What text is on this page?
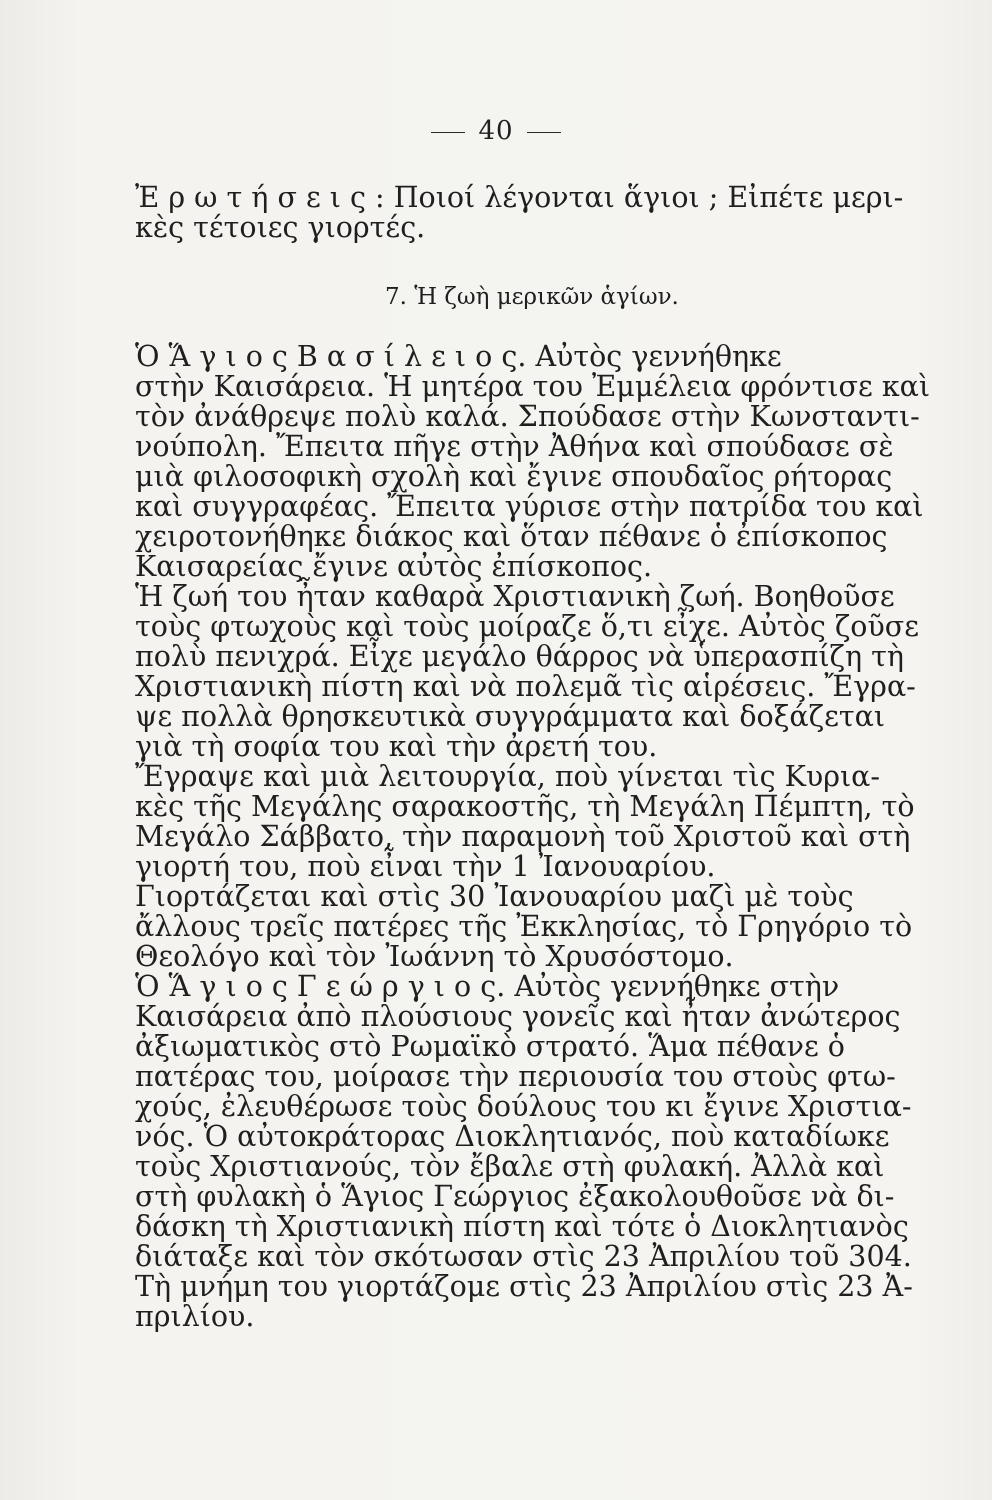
40
Ἐ ρ ω τ ή σ ε ι ς : Ποιοί λέγονται ἅγιοι ; Εἰπέτε μερι-
κὲς τέτοιες γιορτές.
7. Ἡ ζωὴ μερικῶν ἁγίων.
Ὁ Ἅ γ ι ο ς Β α σ ί λ ε ι ο ς. Αὐτὸς γεννήθηκε
στὴν Καισάρεια. Ἡ μητέρα του Ἐμμέλεια φρόντισε καὶ
τὸν ἀνάθρεψε πολὺ καλά. Σπούδασε στὴν Κωνσταντι-
νούπολη. Ἔπειτα πῆγε στὴν Ἀθήνα καὶ σπούδασε σὲ
μιὰ φιλοσοφικὴ σχολὴ καὶ ἔγινε σπουδαῖος ρήτορας
καὶ συγγραφέας. Ἔπειτα γύρισε στὴν πατρίδα του καὶ
χειροτονήθηκε διάκος καὶ ὅταν πέθανε ὁ ἐπίσκοπος
Καισαρείας ἔγινε αὐτὸς ἐπίσκοπος.
Ἡ ζωή του ἦταν καθαρὰ Χριστιανικὴ ζωή. Βοηθοῦσε
τοὺς φτωχοὺς καὶ τοὺς μοίραζε ὅ,τι εἶχε. Αὐτὸς ζοῦσε
πολὺ πενιχρά. Εἶχε μεγάλο θάρρος νὰ ὑπερασπίζη τὴ
Χριστιανικὴ πίστη καὶ νὰ πολεμᾶ τὶς αἱρέσεις. Ἔγρα-
ψε πολλὰ θρησκευτικὰ συγγράμματα καὶ δοξάζεται
γιὰ τὴ σοφία του καὶ τὴν ἀρετή του.
Ἔγραψε καὶ μιὰ λειτουργία, ποὺ γίνεται τὶς Κυρια-
κὲς τῆς Μεγάλης σαρακοστῆς, τὴ Μεγάλη Πέμπτη, τὸ
Μεγάλο Σάββατο, τὴν παραμονὴ τοῦ Χριστοῦ καὶ στὴ
γιορτή του, ποὺ εἶναι τὴν 1 Ἰανουαρίου.
Γιορτάζεται καὶ στὶς 30 Ἰανουαρίου μαζὶ μὲ τοὺς
ἄλλους τρεῖς πατέρες τῆς Ἐκκλησίας, τὸ Γρηγόριο τὸ
Θεολόγο καὶ τὸν Ἰωάννη τὸ Χρυσόστομο.
Ὁ Ἅ γ ι ο ς Γ ε ώ ρ γ ι ο ς. Αὐτὸς γεννήθηκε στὴν
Καισάρεια ἀπὸ πλούσιους γονεῖς καὶ ἦταν ἀνώτερος
ἀξιωματικὸς στὸ Ρωμαϊκὸ στρατό. Ἅμα πέθανε ὁ
πατέρας του, μοίρασε τὴν περιουσία του στοὺς φτω-
χούς, ἐλευθέρωσε τοὺς δούλους του κι ἔγινε Χριστια-
νός. Ὁ αὐτοκράτορας Διοκλητιανός, ποὺ καταδίωκε
τοὺς Χριστιανούς, τὸν ἔβαλε στὴ φυλακή. Ἀλλὰ καὶ
στὴ φυλακὴ ὁ Ἅγιος Γεώργιος ἐξακολουθοῦσε νὰ δι-
δάσκη τὴ Χριστιανικὴ πίστη καὶ τότε ὁ Διοκλητιανὸς
διάταξε καὶ τὸν σκότωσαν στὶς 23 Ἀπριλίου τοῦ 304.
Τὴ μνήμη του γιορτάζομε στὶς 23 Ἀπριλίου στὶς 23 Ἀ-
πριλίου.
